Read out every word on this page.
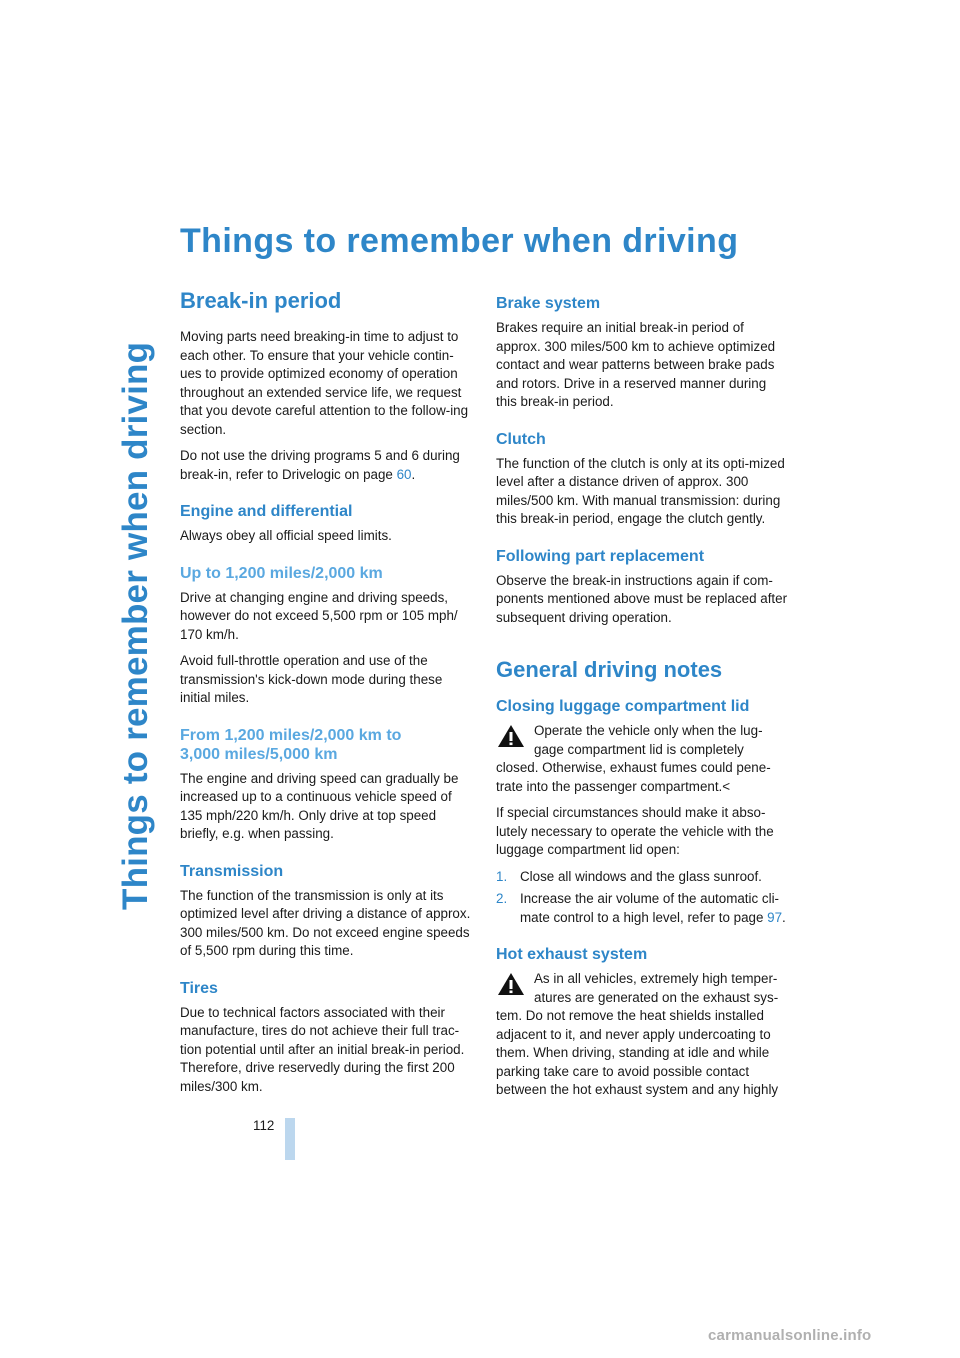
Things to remember when driving
Things to remember when driving
Break-in period

Moving parts need breaking-in time to adjust to each other. To ensure that your vehicle contin-ues to provide optimized economy of operation throughout an extended service life, we request that you devote careful attention to the follow-ing section.

Do not use the driving programs 5 and 6 during break-in, refer to Drivelogic on page 60.

Engine and differential

Always obey all official speed limits.

Up to 1,200 miles/2,000 km

Drive at changing engine and driving speeds, however do not exceed 5,500 rpm or 105 mph/ 170 km/h.

Avoid full-throttle operation and use of the transmission's kick-down mode during these initial miles.

From 1,200 miles/2,000 km to
3,000 miles/5,000 km

The engine and driving speed can gradually be increased up to a continuous vehicle speed of 135 mph/220 km/h. Only drive at top speed briefly, e.g. when passing.

Transmission

The function of the transmission is only at its optimized level after driving a distance of approx. 300 miles/500 km. Do not exceed engine speeds of 5,500 rpm during this time.

Tires

Due to technical factors associated with their manufacture, tires do not achieve their full trac-tion potential until after an initial break-in period. Therefore, drive reservedly during the first 200 miles/300 km.

Brake system

Brakes require an initial break-in period of approx. 300 miles/500 km to achieve optimized contact and wear patterns between brake pads and rotors. Drive in a reserved manner during this break-in period.

Clutch

The function of the clutch is only at its opti-mized level after a distance driven of approx. 300 miles/500 km. With manual transmission: during this break-in period, engage the clutch gently.

Following part replacement

Observe the break-in instructions again if com-ponents mentioned above must be replaced after subsequent driving operation.

General driving notes
Closing luggage compartment lid

Operate the vehicle only when the lug-gage compartment lid is completely closed. Otherwise, exhaust fumes could pene-trate into the passenger compartment.<

If special circumstances should make it abso-lutely necessary to operate the vehicle with the luggage compartment lid open:

1. Close all windows and the glass sunroof.
2. Increase the air volume of the automatic cli-mate control to a high level, refer to page 97.
Hot exhaust system

As in all vehicles, extremely high temper-atures are generated on the exhaust sys-tem. Do not remove the heat shields installed adjacent to it, and never apply undercoating to them. When driving, standing at idle and while parking take care to avoid possible contact between the hot exhaust system and any highly

112
carmanualsonline.info
